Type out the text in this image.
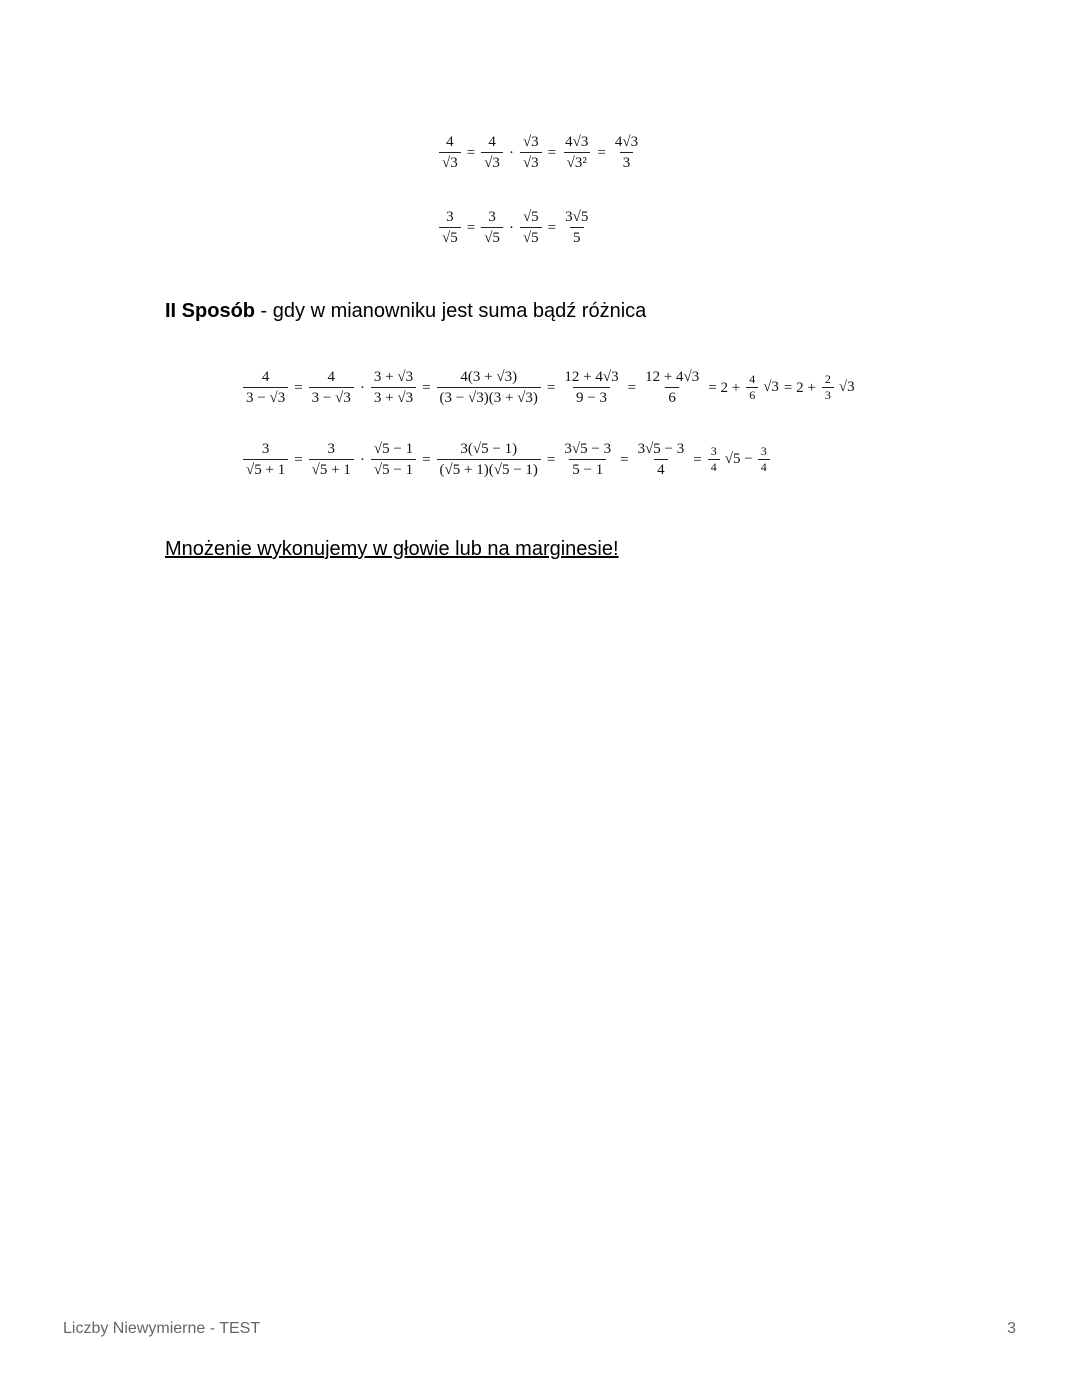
$\frac{4}{√3} = \frac{4}{√3} \cdot \frac{√3}{√3} = \frac{4√3}{\text{√3²}} = \frac{4√3}{3}$
$\frac{3}{√5} = \frac{3}{√5} \cdot \frac{√5}{√5} = \frac{3√5}{5}$
II Sposób - gdy w mianowniku jest suma bądź różnica
$\frac{4}{3 - √3} = \frac{4}{3 - √3} \cdot \frac{3 + √3}{3 + √3} = \frac{4(3 + √3)}{(3 - √3)(3 + √3)} = \frac{12 + 4√3}{9 - 3} = \frac{12 + 4√3}{6} = 2 + \frac{4}{6} √3 = 2 + \frac{2}{3} √3$
$\frac{3}{√5 + 1} = \frac{3}{√5 + 1} \cdot \frac{√5 - 1}{√5 - 1} = \frac{3(√5 - 1)}{(√5 + 1)(√5 - 1)} = \frac{3√5 - 3}{5 - 1} = \frac{3√5 - 3}{4} = \frac{3}{4} √5 - \frac{3}{4}$
Mnożenie wykonujemy w głowie lub na marginesie!
Liczby Niewymierne - TEST	3
